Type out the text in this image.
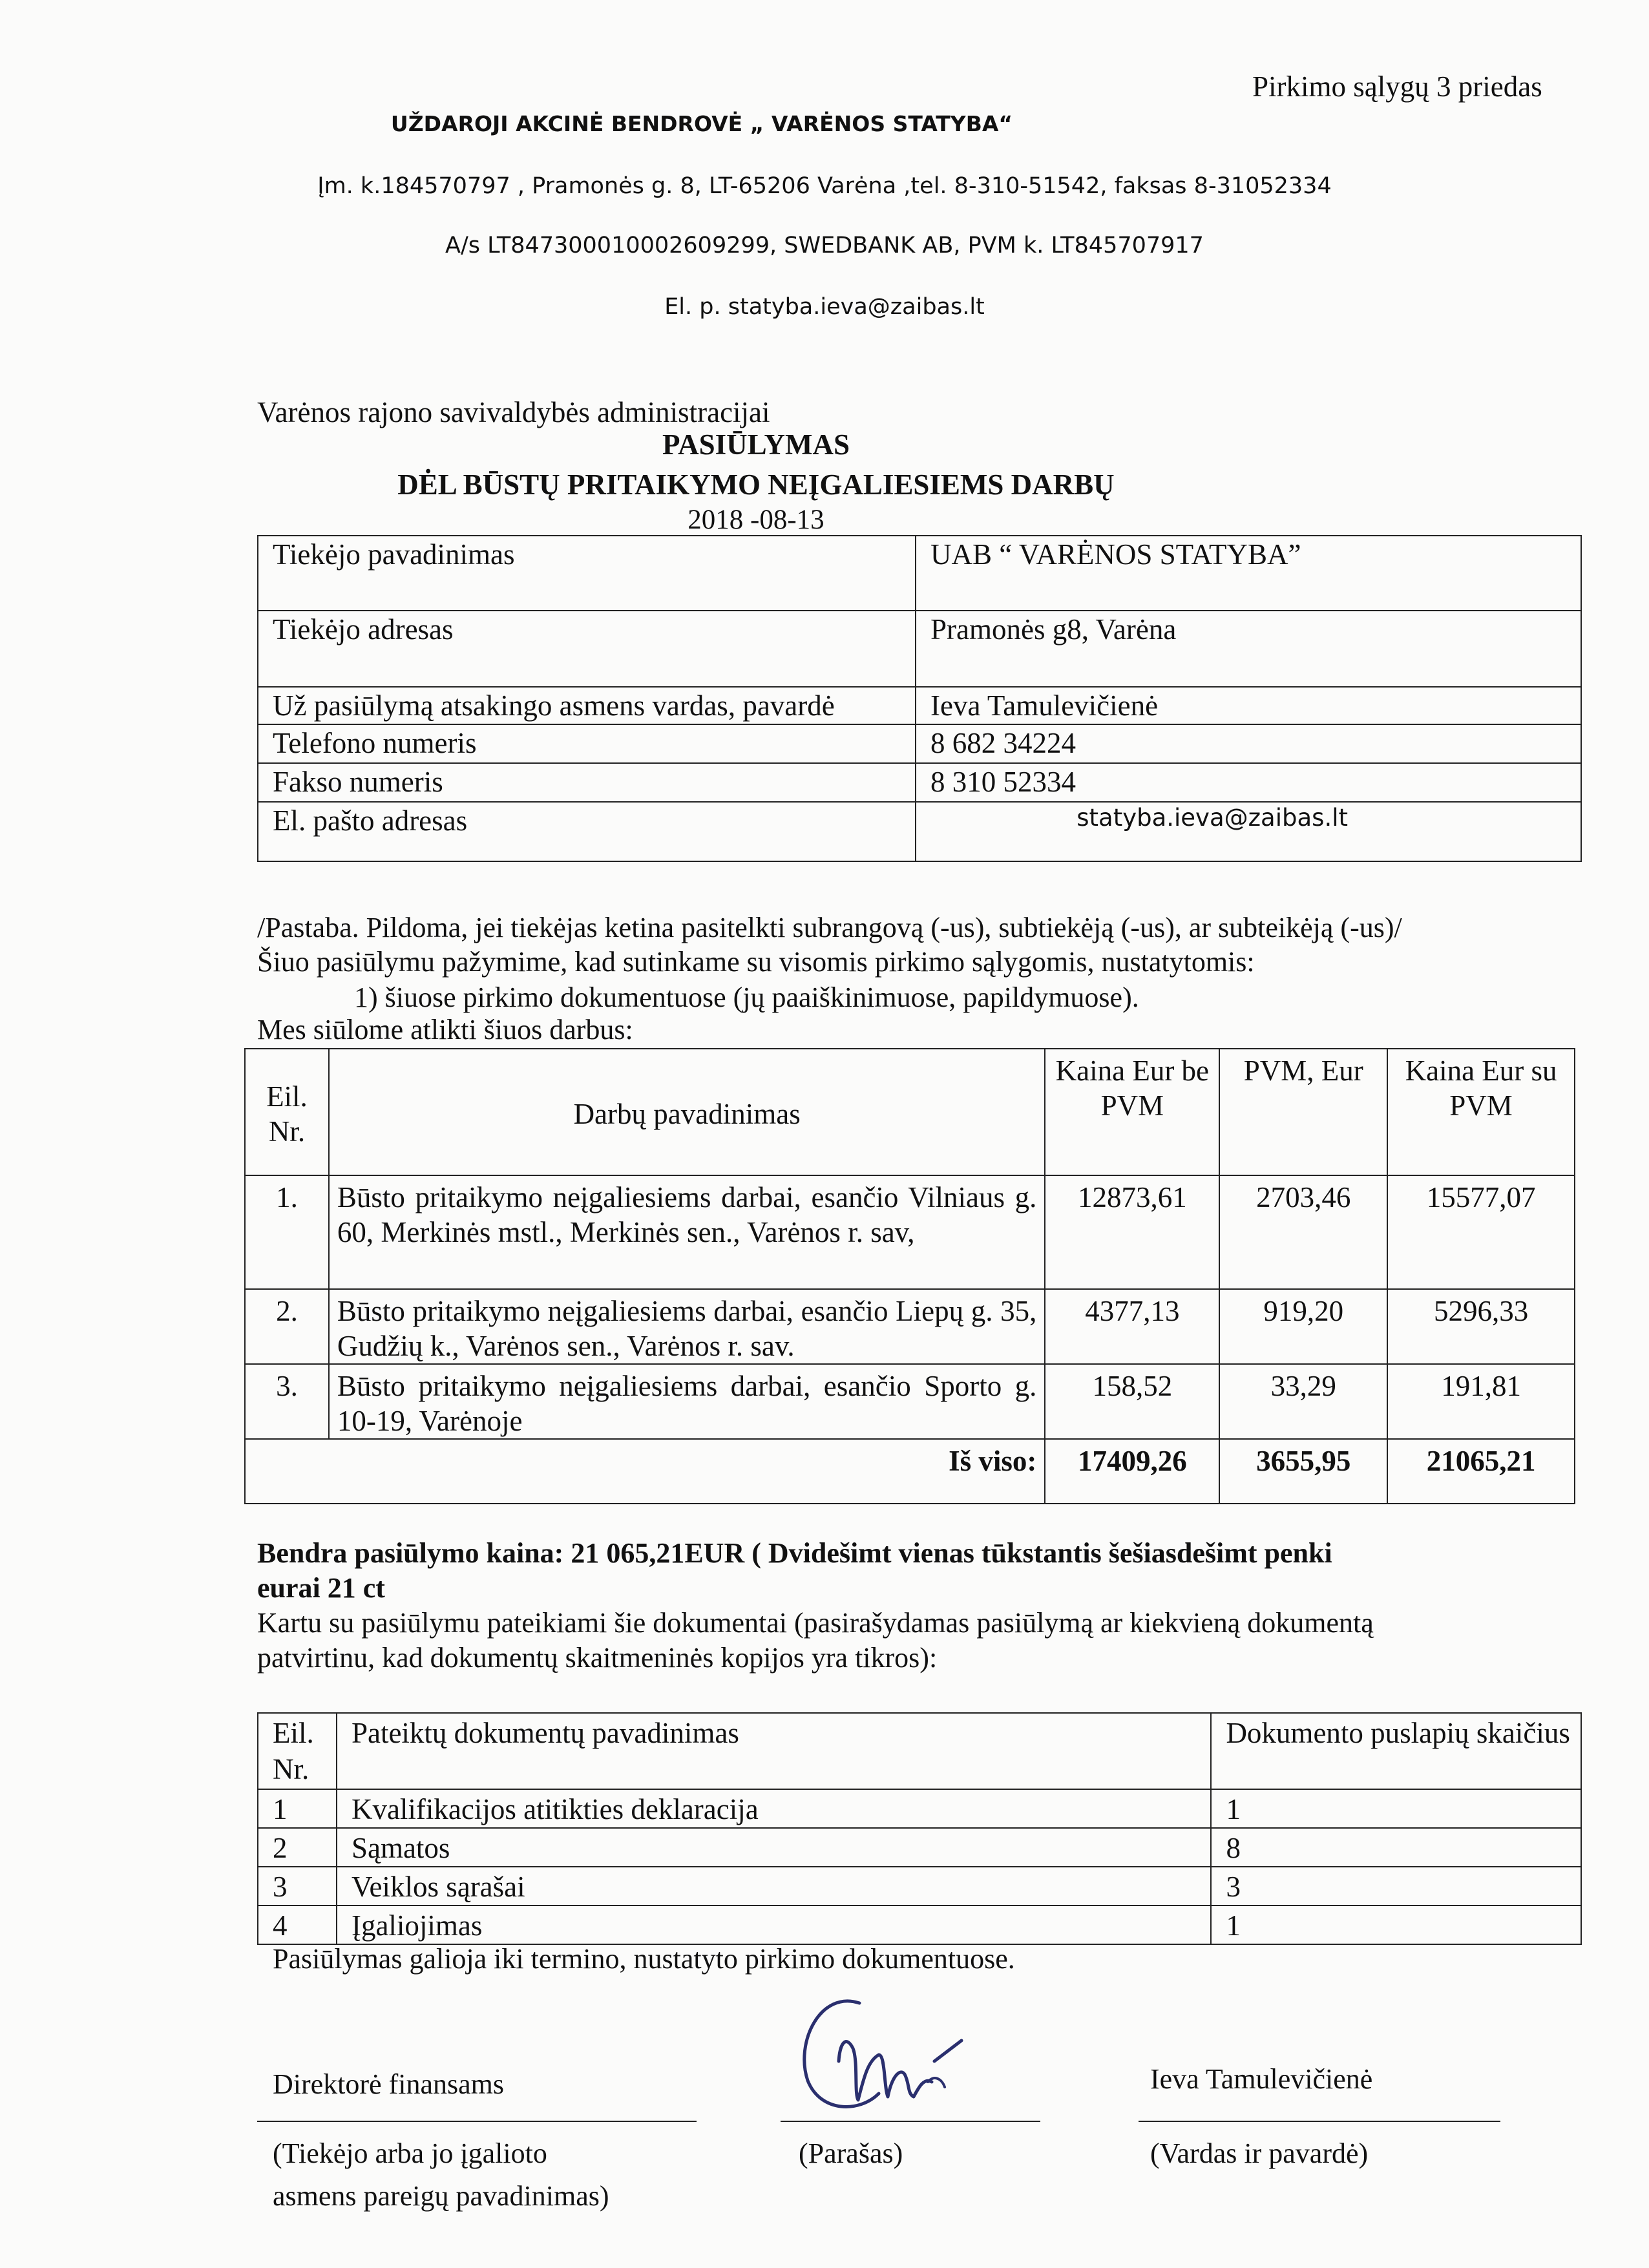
Pirkimo sąlygų 3 priedas
UŽDAROJI AKCINĖ BENDROVĖ „ VARĖNOS STATYBA“
Įm. k.184570797 , Pramonės g. 8, LT-65206 Varėna ,tel. 8-310-51542, faksas 8-31052334
A/s LT847300010002609299, SWEDBANK AB, PVM k. LT845707917
El. p. statyba.ieva@zaibas.lt
Varėnos rajono savivaldybės administracijai
PASIŪLYMAS
DĖL BŪSTŲ PRITAIKYMO NEĮGALIESIEMS DARBŲ
2018 -08-13
Tiekėjo pavadinimas	UAB “ VARĖNOS STATYBA”
Tiekėjo adresas	Pramonės g8, Varėna
Už pasiūlymą atsakingo asmens vardas, pavardė	Ieva Tamulevičienė
Telefono numeris	8 682 34224
Fakso numeris	8 310 52334
El. pašto adresas	statyba.ieva@zaibas.lt
/Pastaba. Pildoma, jei tiekėjas ketina pasitelkti subrangovą (-us), subtiekėją (-us), ar subteikėją (-us)/
Šiuo pasiūlymu pažymime, kad sutinkame su visomis pirkimo sąlygomis, nustatytomis:
1) šiuose pirkimo dokumentuose (jų paaiškinimuose, papildymuose).
Mes siūlome atlikti šiuos darbus:
Eil. Nr.	Darbų pavadinimas	Kaina Eur be PVM	PVM, Eur	Kaina Eur su PVM
1.	Būsto pritaikymo neįgaliesiems darbai, esančio Vilniaus g. 60, Merkinės mstl., Merkinės sen., Varėnos r. sav,	12873,61	2703,46	15577,07
2.	Būsto pritaikymo neįgaliesiems darbai, esančio Liepų g. 35, Gudžių k., Varėnos sen., Varėnos r. sav.	4377,13	919,20	5296,33
3.	Būsto pritaikymo neįgaliesiems darbai, esančio Sporto g. 10-19, Varėnoje	158,52	33,29	191,81
Iš viso:		17409,26	3655,95	21065,21
Bendra pasiūlymo kaina: 21 065,21EUR ( Dvidešimt vienas tūkstantis šešiasdešimt penki
eurai 21 ct
Kartu su pasiūlymu pateikiami šie dokumentai (pasirašydamas pasiūlymą ar kiekvieną dokumentą
patvirtinu, kad dokumentų skaitmeninės kopijos yra tikros):
Eil. Nr.	Pateiktų dokumentų pavadinimas	Dokumento puslapių skaičius
1	Kvalifikacijos atitikties deklaracija	1
2	Sąmatos	8
3	Veiklos sąrašai	3
4	Įgaliojimas	1
Pasiūlymas galioja iki termino, nustatyto pirkimo dokumentuose.
Direktorė finansams	Ieva Tamulevičienė
(Tiekėjo arba jo įgalioto
asmens pareigų pavadinimas)
(Parašas)	(Vardas ir pavardė)
